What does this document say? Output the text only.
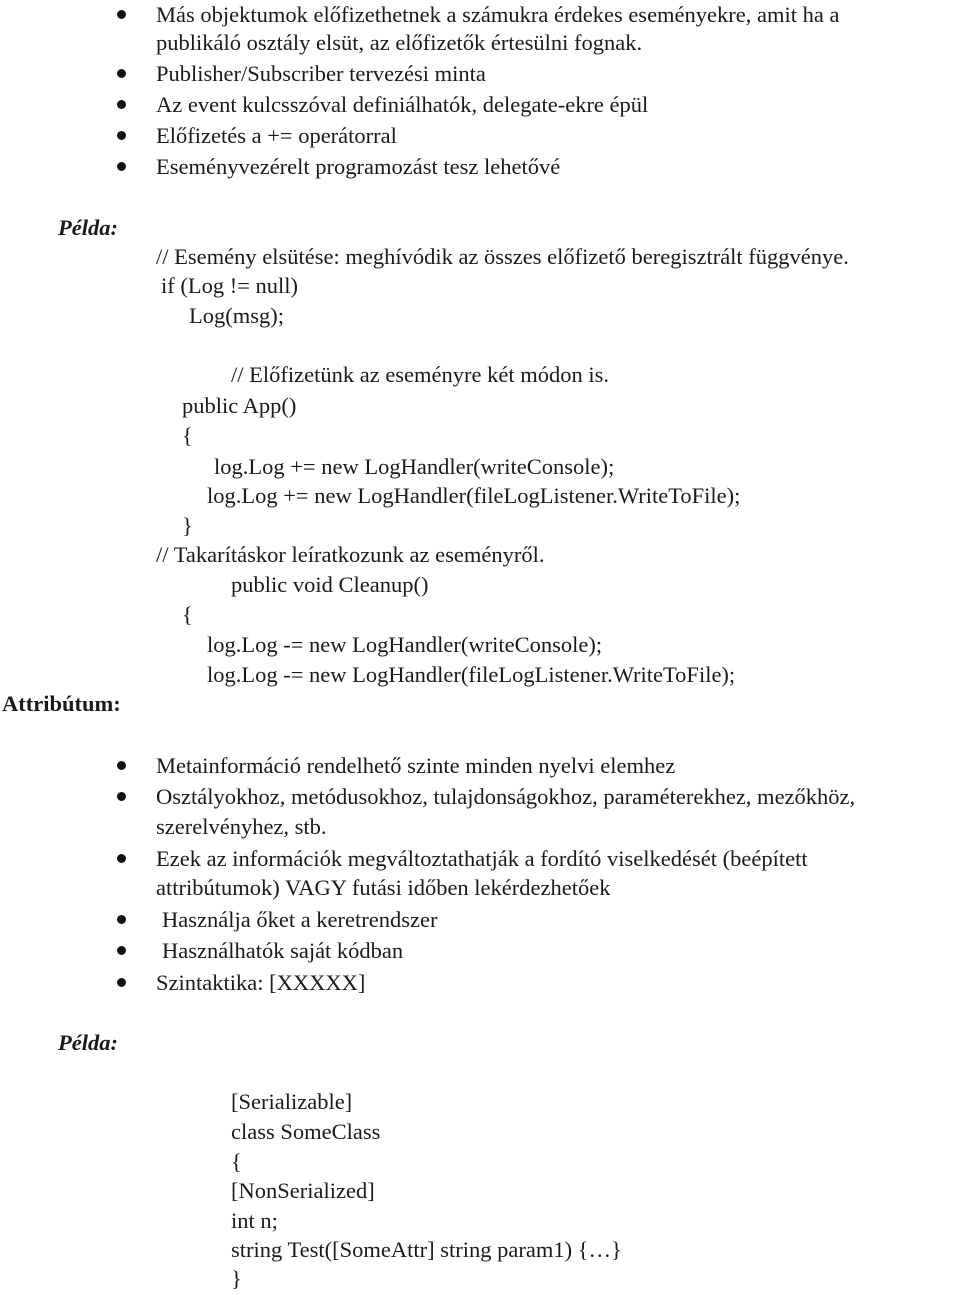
Más objektumok előfizethetnek a számukra érdekes eseményekre, amit ha a
publikáló osztály elsüt, az előfizetők értesülni fognak.
Publisher/Subscriber tervezési minta
Az event kulcsszóval definiálhatók, delegate-ekre épül
Előfizetés a += operátorral
Eseményvezérelt programozást tesz lehetővé
Példa:
// Esemény elsütése: meghívódik az összes előfizető beregisztrált függvénye.
if (Log != null)
Log(msg);
// Előfizetünk az eseményre két módon is.
public App()
{
log.Log += new LogHandler(writeConsole);
log.Log += new LogHandler(fileLogListener.WriteToFile);
}
// Takarításkor leíratkozunk az eseményről.
public void Cleanup()
{
log.Log -= new LogHandler(writeConsole);
log.Log -= new LogHandler(fileLogListener.WriteToFile);
Attribútum:
Metainformáció rendelhető szinte minden nyelvi elemhez
Osztályokhoz, metódusokhoz, tulajdonságokhoz, paraméterekhez, mezőkhöz,
szerelvényhez, stb.
Ezek az információk megváltoztathatják a fordító viselkedését (beépített
attribútumok) VAGY futási időben lekérdezhetőek
Használja őket a keretrendszer
Használhatók saját kódban
Szintaktika: [XXXXX]
Példa:
[Serializable]
class SomeClass
{
[NonSerialized]
int n;
string Test([SomeAttr] string param1) {…}
}
